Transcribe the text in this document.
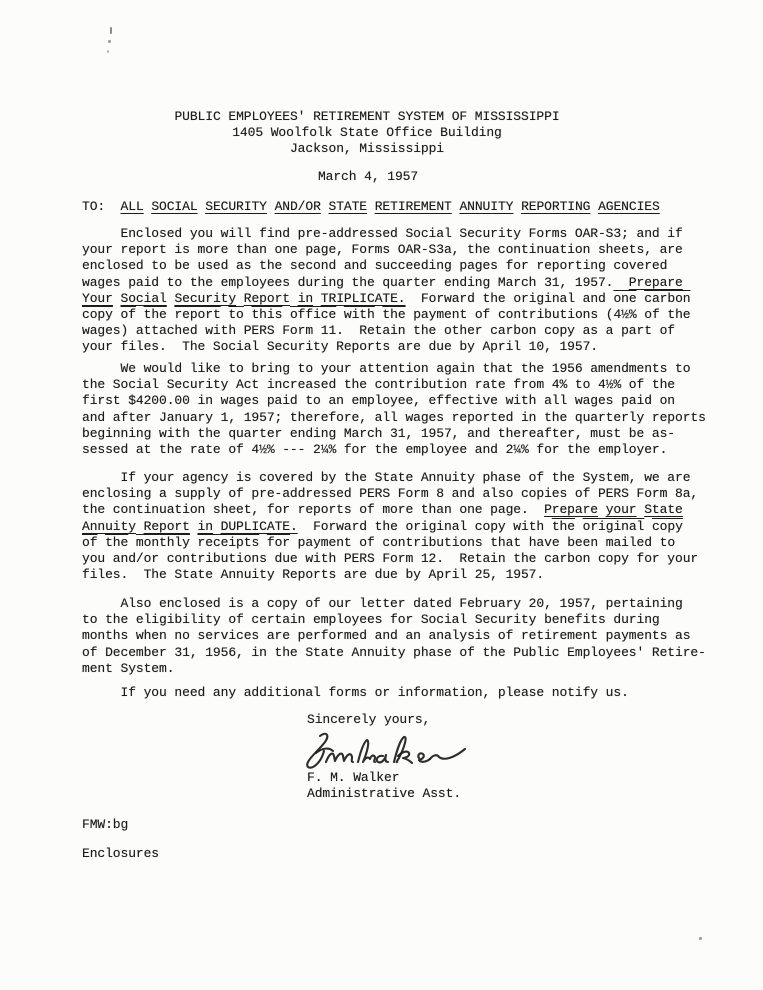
PUBLIC EMPLOYEES' RETIREMENT SYSTEM OF MISSISSIPPI
1405 Woolfolk State Office Building
Jackson, Mississippi
March 4, 1957
TO:  ALL SOCIAL SECURITY AND/OR STATE RETIREMENT ANNUITY REPORTING AGENCIES
Enclosed you will find pre-addressed Social Security Forms OAR-S3; and if
your report is more than one page, Forms OAR-S3a, the continuation sheets, are
enclosed to be used as the second and succeeding pages for reporting covered
wages paid to the employees during the quarter ending March 31, 1957.  Prepare
Your Social Security Report in TRIPLICATE.  Forward the original and $\overline{one}$ carbon
copy $\overline{of}$ $\overline{the}$ report $\overline{to}$ this office with $\overline{the}$ payment of contributions (4½% of the
wages) attached with PERS Form 11.  Retain the other carbon copy as a part of
your files.  The Social Security Reports are due by April 10, 1957.
We would like to bring to your attention again that the 1956 amendments to
the Social Security Act increased the contribution rate from 4% to 4½% of the
first $4200.00 in wages paid to an employee, effective with all wages paid on
and after January 1, 1957; therefore, all wages reported in the quarterly reports
beginning with the quarter ending March 31, 1957, and thereafter, must be as-
sessed at the rate of 4½% --- 2¼% for the employee and 2¼% for the employer.
If your agency is covered by the State Annuity phase of the System, we are
enclosing a supply of pre-addressed PERS Form 8 and also copies of PERS Form 8a,
the continuation sheet, for reports of more than one page.  Prepare your State
Annuity Report in DUPLICATE.  Forward the original copy with $\overline{the}$ original copy
$\overline{of}$ $\overline{the}$ monthly receipts $\overline{for}$ payment of contributions that have been mailed to
you and/or contributions due with PERS Form 12.  Retain the carbon copy for your
files.  The State Annuity Reports are due by April 25, 1957.
Also enclosed is a copy of our letter dated February 20, 1957, pertaining
to the eligibility of certain employees for Social Security benefits during
months when no services are performed and an analysis of retirement payments as
of December 31, 1956, in the State Annuity phase of the Public Employees' Retire-
ment System.
If you need any additional forms or information, please notify us.
Sincerely yours,
F. M. Walker
Administrative Asst.
FMW:bg
Enclosures
